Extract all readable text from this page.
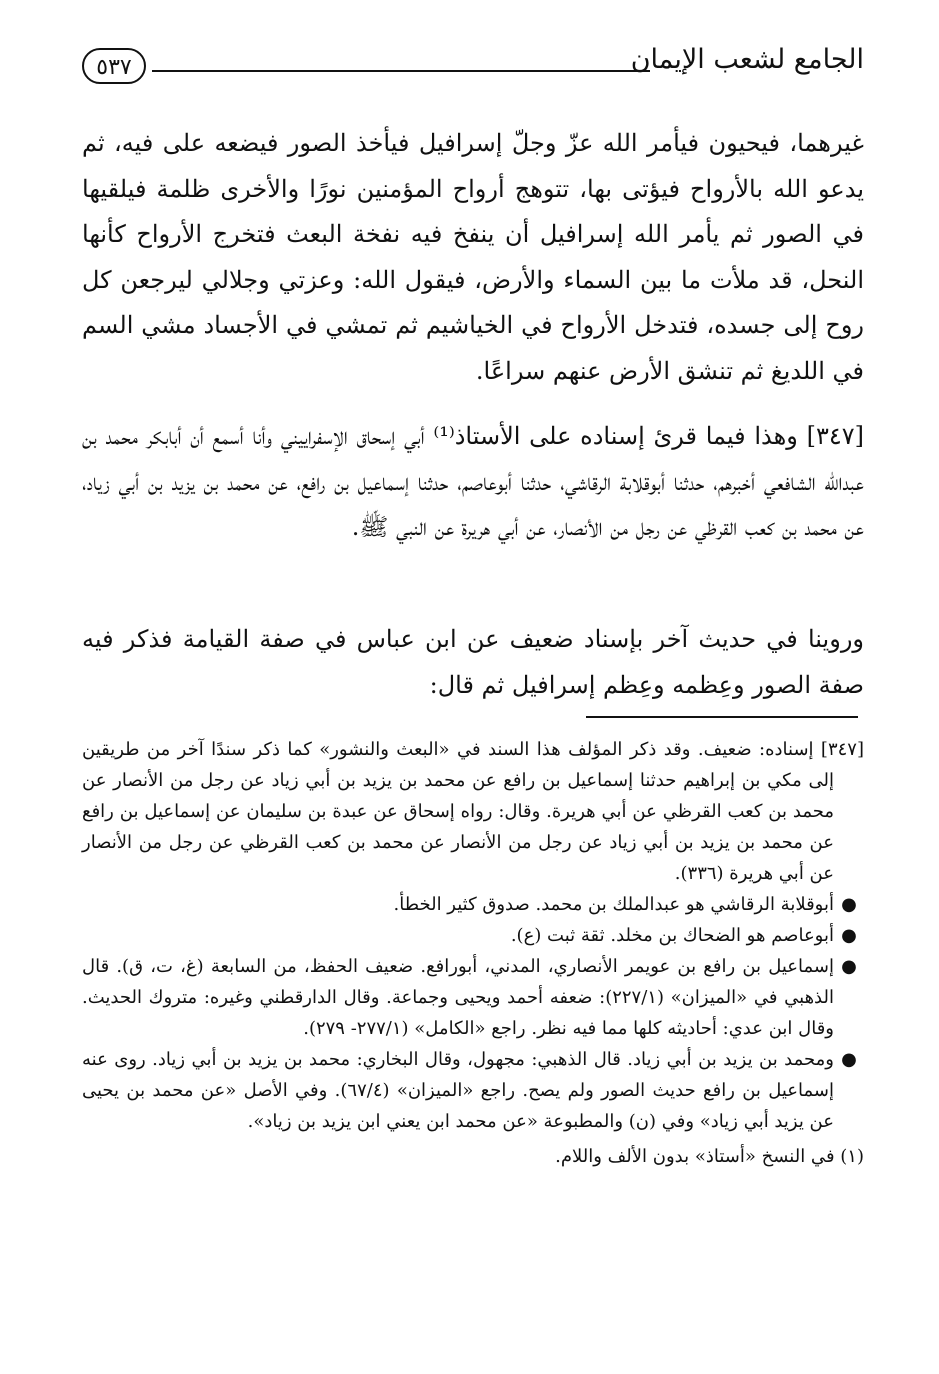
الجامع لشعب الإيمان
٥٣٧
غيرهما، فيحيون فيأمر الله عزّ وجلّ إسرافيل فيأخذ الصور فيضعه على فيه، ثم يدعو الله بالأرواح فيؤتى بها، تتوهج أرواح المؤمنين نورًا والأخرى ظلمة فيلقيها في الصور ثم يأمر الله إسرافيل أن ينفخ فيه نفخة البعث فتخرج الأرواح كأنها النحل، قد ملأت ما بين السماء والأرض، فيقول الله: وعزتي وجلالي ليرجعن كل روح إلى جسده، فتدخل الأرواح في الخياشيم ثم تمشي في الأجساد مشي السم في اللديغ ثم تنشق الأرض عنهم سراعًا.
[٣٤٧] وهذا فيما قرئ إسناده على الأستاذ⁽¹⁾ أبي إسحاق الإسفراييني وأنا أسمع أن أبابكر محمد بن عبدالله الشافعي أخبرهم، حدثنا أبوقلابة الرقاشي، حدثنا أبوعاصم، حدثنا إسماعيل بن رافع، عن محمد بن يزيد بن أبي زياد، عن محمد بن كعب القرظي عن رجل من الأنصار، عن أبي هريرة عن النبي ﷺ.
وروينا في حديث آخر بإسناد ضعيف عن ابن عباس في صفة القيامة فذكر فيه صفة الصور وعِظمه وعِظم إسرافيل ثم قال:
[٣٤٧] إسناده: ضعيف. وقد ذكر المؤلف هذا السند في «البعث والنشور» كما ذكر سندًا آخر من طريقين إلى مكي بن إبراهيم حدثنا إسماعيل بن رافع عن محمد بن يزيد بن أبي زياد عن رجل من الأنصار عن محمد بن كعب القرظي عن أبي هريرة. وقال: رواه إسحاق عن عبدة بن سليمان عن إسماعيل بن رافع عن محمد بن يزيد بن أبي زياد عن رجل من الأنصار عن محمد بن كعب القرظي عن رجل من الأنصار عن أبي هريرة (٣٣٦).
●أبوقلابة الرقاشي هو عبدالملك بن محمد. صدوق كثير الخطأ.
●أبوعاصم هو الضحاك بن مخلد. ثقة ثبت (ع).
●إسماعيل بن رافع بن عويمر الأنصاري، المدني، أبورافع. ضعيف الحفظ، من السابعة (غ، ت، ق). قال الذهبي في «الميزان» (٢٢٧/١): ضعفه أحمد ويحيى وجماعة. وقال الدارقطني وغيره: متروك الحديث. وقال ابن عدي: أحاديثه كلها مما فيه نظر. راجع «الكامل» (٢٧٧/١- ٢٧٩).
●ومحمد بن يزيد بن أبي زياد. قال الذهبي: مجهول، وقال البخاري: محمد بن يزيد بن أبي زياد. روى عنه إسماعيل بن رافع حديث الصور ولم يصح. راجع «الميزان» (٦٧/٤). وفي الأصل «عن محمد بن يحيى عن يزيد أبي زياد» وفي (ن) والمطبوعة «عن محمد ابن يعني ابن يزيد بن زياد».
(١) في النسخ «أستاذ» بدون الألف واللام.
